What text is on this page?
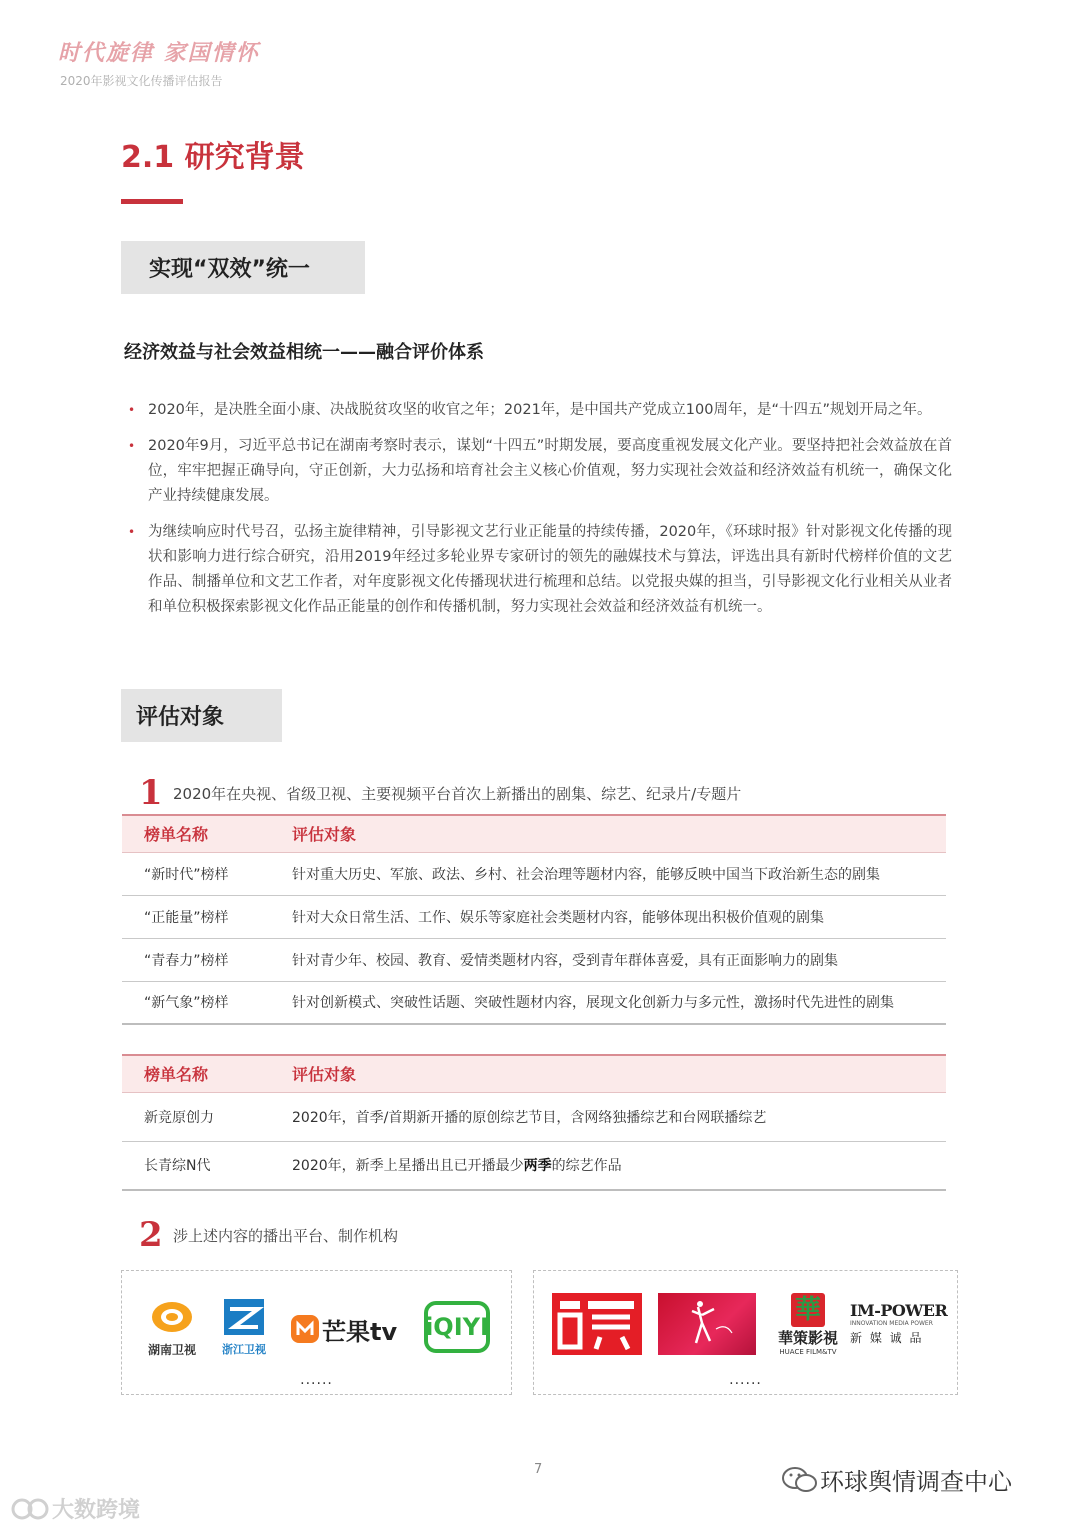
时代旋律 家国情怀
2020年影视文化传播评估报告
2.1 研究背景
实现“双效”统一
经济效益与社会效益相统一——融合评价体系
• 2020年，是决胜全面小康、决战脱贫攻坚的收官之年；2021年，是中国共产党成立100周年，是“十四五”规划开局之年。
• 2020年9月，习近平总书记在湖南考察时表示，谋划“十四五”时期发展，要高度重视发展文化产业。要坚持把社会效益放在首位，牢牢把握正确导向，守正创新，大力弘扬和培育社会主义核心价值观，努力实现社会效益和经济效益有机统一，确保文化产业持续健康发展。
• 为继续响应时代号召，弘扬主旋律精神，引导影视文艺行业正能量的持续传播，2020年，《环球时报》针对影视文化传播的现状和影响力进行综合研究，沿用2019年经过多轮业界专家研讨的领先的融媒技术与算法，评选出具有新时代榜样价值的文艺作品、制播单位和文艺工作者，对年度影视文化传播现状进行梳理和总结。以党报央媒的担当，引导影视文化行业相关从业者和单位积极探索影视文化作品正能量的创作和传播机制，努力实现社会效益和经济效益有机统一。
评估对象
1 2020年在央视、省级卫视、主要视频平台首次上新播出的剧集、综艺、纪录片/专题片
榜单名称	评估对象
“新时代”榜样	针对重大历史、军旅、政法、乡村、社会治理等题材内容，能够反映中国当下政治新生态的剧集
“正能量”榜样	针对大众日常生活、工作、娱乐等家庭社会类题材内容，能够体现出积极价值观的剧集
“青春力”榜样	针对青少年、校园、教育、爱情类题材内容，受到青年群体喜爱，具有正面影响力的剧集
“新气象”榜样	针对创新模式、突破性话题、突破性题材内容，展现文化创新力与多元性，激扬时代先进性的剧集
榜单名称	评估对象
新竞原创力	2020年，首季/首期新开播的原创综艺节目，含网络独播综艺和台网联播综艺
长青综N代	2020年，新季上星播出且已开播最少两季的综艺作品
2 涉上述内容的播出平台、制作机构
湖南卫视	浙江卫视
芒果tv iQIYI
......
華
華策影視
HUACE FILM&TV
IM-POWER
INNOVATION MEDIA POWER
新 媒 诚 品
......
7	环球舆情调查中心
大数跨境
